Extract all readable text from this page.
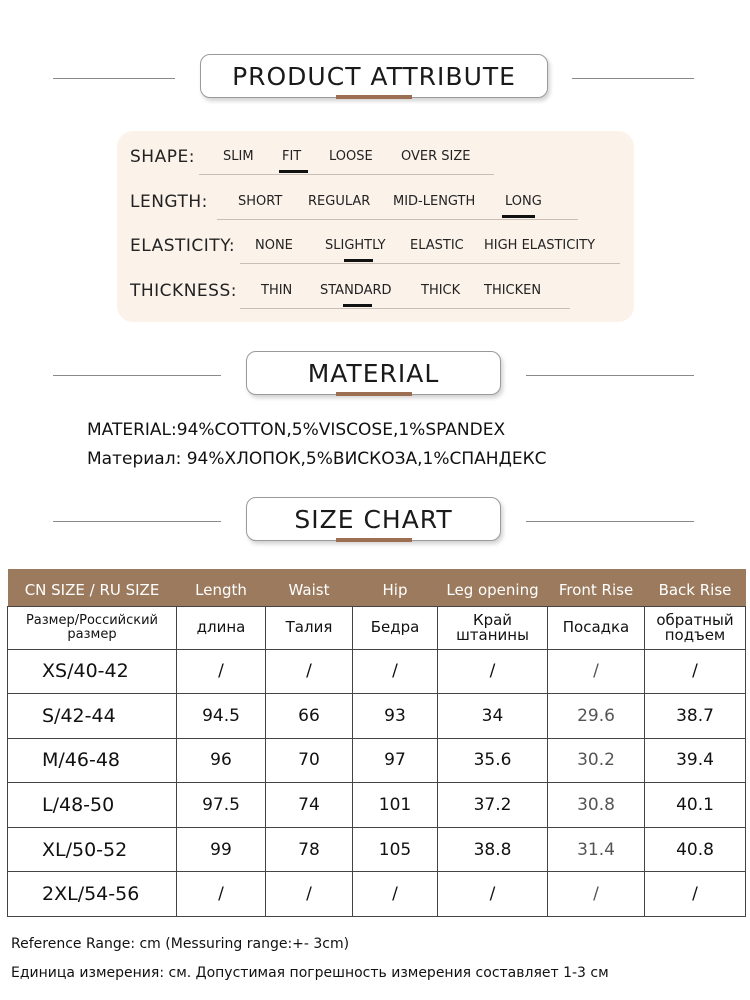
PRODUCT ATTRIBUTE
SHAPE: SLIM FIT LOOSE OVER SIZE
LENGTH: SHORT REGULAR MID-LENGTH LONG
ELASTICITY: NONE SLIGHTLY ELASTIC HIGH ELASTICITY
THICKNESS: THIN STANDARD THICK THICKEN
MATERIAL
MATERIAL:94%COTTON,5%VISCOSE,1%SPANDEX
Материал: 94%ХЛОПОК,5%ВИСКОЗА,1%СПАНДЕКС
SIZE CHART
CN SIZE / RU SIZE	Length	Waist	Hip	Leg opening	Front Rise	Back Rise
Размер/Российский размер	длина	Талия	Бедра	Край штанины	Посадка	обратный подъем
XS/40-42	/	/	/	/	/	/
S/42-44	94.5	66	93	34	29.6	38.7
M/46-48	96	70	97	35.6	30.2	39.4
L/48-50	97.5	74	101	37.2	30.8	40.1
XL/50-52	99	78	105	38.8	31.4	40.8
2XL/54-56	/	/	/	/	/	/
Reference Range: cm (Messuring range:+- 3cm)
Единица измерения: см. Допустимая погрешность измерения составляет 1-3 см
